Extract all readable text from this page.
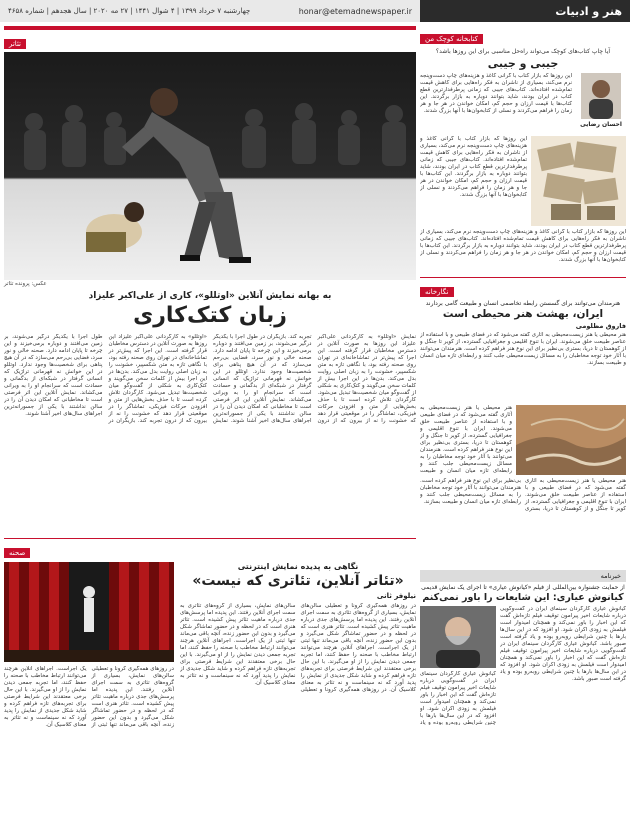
هنر و ادبیات
honar@etemadnewspaper.ir
چهارشنبه ۷ خرداد ۱۳۹۹ | ۴ شوال ۱۴۴۱ | ۲۷ مه ۲۰۲۰ | سال هجدهم | شماره ۴۶۵۸
تئاتر
عکس: پرونده تئاتر
به بهانه نمایش آنلاین «اوتللو»، کاری از علی‌اکبر علیزاد
زبان کتک‌کاری
نمایش «اوتللو» به کارگردانی علی‌اکبر علیزاد این روزها به صورت آنلاین در دسترس مخاطبان قرار گرفته است. این اجرا که پیش‌تر در تماشاخانه‌ای در تهران روی صحنه رفته بود، با نگاهی تازه به متن شکسپیر، خشونت را به زبان اصلی روایت بدل می‌کند. بدن‌ها در این اجرا بیش از کلمات سخن می‌گویند و کتک‌کاری به شکلی از گفت‌وگو میان شخصیت‌ها تبدیل می‌شود. کارگردان تلاش کرده است تا با حذف بخش‌هایی از متن و افزودن حرکات فیزیکی، تماشاگر را در موقعیتی قرار دهد که خشونت را نه از بیرون که از درون تجربه کند. بازیگران در طول اجرا با یکدیگر درگیر می‌شوند، بر زمین می‌افتند و دوباره برمی‌خیزند و این چرخه تا پایان ادامه دارد. صحنه خالی و نور سرد، فضایی بی‌رحم می‌سازد که در آن هیچ پناهی برای شخصیت‌ها وجود ندارد. اوتللو در این خوانش نه قهرمانی تراژیک که انسانی گرفتار در شبکه‌ای از بدگمانی و حسادت است که سرانجام او را به ویرانی می‌کشاند. نمایش آنلاین این اثر فرصتی است تا مخاطبانی که امکان دیدن آن را در سالن نداشتند با یکی از جسورانه‌ترین اجراهای سال‌های اخیر آشنا شوند. نمایش «اوتللو» به کارگردانی علی‌اکبر علیزاد این روزها به صورت آنلاین در دسترس مخاطبان قرار گرفته است. این اجرا که پیش‌تر در تماشاخانه‌ای در تهران روی صحنه رفته بود، با نگاهی تازه به متن شکسپیر، خشونت را به زبان اصلی روایت بدل می‌کند. بدن‌ها در این اجرا بیش از کلمات سخن می‌گویند و کتک‌کاری به شکلی از گفت‌وگو میان شخصیت‌ها تبدیل می‌شود. کارگردان تلاش کرده است تا با حذف بخش‌هایی از متن و افزودن حرکات فیزیکی، تماشاگر را در موقعیتی قرار دهد که خشونت را نه از بیرون که از درون تجربه کند. بازیگران در طول اجرا با یکدیگر درگیر می‌شوند، بر زمین می‌افتند و دوباره برمی‌خیزند و این چرخه تا پایان ادامه دارد. صحنه خالی و نور سرد، فضایی بی‌رحم می‌سازد که در آن هیچ پناهی برای شخصیت‌ها وجود ندارد. اوتللو در این خوانش نه قهرمانی تراژیک که انسانی گرفتار در شبکه‌ای از بدگمانی و حسادت است که سرانجام او را به ویرانی می‌کشاند. نمایش آنلاین این اثر فرصتی است تا مخاطبانی که امکان دیدن آن را در سالن نداشتند با یکی از جسورانه‌ترین اجراهای سال‌های اخیر آشنا شوند.
صحنه
نگاهی به پدیده نمایش اینترنتی
«تئاتر آنلاین، تئاتری که نیست»
نیلوفر ثانی
در روزهای همه‌گیری کرونا و تعطیلی سالن‌های نمایش، بسیاری از گروه‌های تئاتری به سمت اجرای آنلاین رفتند. این پدیده اما پرسش‌های جدی درباره ماهیت تئاتر پیش کشیده است. تئاتر هنری است که در لحظه و در حضور تماشاگر شکل می‌گیرد و بدون این حضور زنده، آنچه باقی می‌ماند تنها ثبتی از یک اجراست. اجراهای آنلاین هرچند می‌توانند ارتباط مخاطب با صحنه را حفظ کنند، اما تجربه جمعی دیدن نمایش را از او می‌گیرند. با این حال برخی معتقدند این شرایط فرصتی برای تجربه‌های تازه فراهم کرده و شاید شکل جدیدی از نمایش را پدید آورد که نه سینماست و نه تئاتر به معنای کلاسیک آن. در روزهای همه‌گیری کرونا و تعطیلی سالن‌های نمایش، بسیاری از گروه‌های تئاتری به سمت اجرای آنلاین رفتند. این پدیده اما پرسش‌های جدی درباره ماهیت تئاتر پیش کشیده است. تئاتر هنری است که در لحظه و در حضور تماشاگر شکل می‌گیرد و بدون این حضور زنده، آنچه باقی می‌ماند تنها ثبتی از یک اجراست. اجراهای آنلاین هرچند می‌توانند ارتباط مخاطب با صحنه را حفظ کنند، اما تجربه جمعی دیدن نمایش را از او می‌گیرند. با این حال برخی معتقدند این شرایط فرصتی برای تجربه‌های تازه فراهم کرده و شاید شکل جدیدی از نمایش را پدید آورد که نه سینماست و نه تئاتر به معنای کلاسیک آن.
در روزهای همه‌گیری کرونا و تعطیلی سالن‌های نمایش، بسیاری از گروه‌های تئاتری به سمت اجرای آنلاین رفتند. این پدیده اما پرسش‌های جدی درباره ماهیت تئاتر پیش کشیده است. تئاتر هنری است که در لحظه و در حضور تماشاگر شکل می‌گیرد و بدون این حضور زنده، آنچه باقی می‌ماند تنها ثبتی از یک اجراست. اجراهای آنلاین هرچند می‌توانند ارتباط مخاطب با صحنه را حفظ کنند، اما تجربه جمعی دیدن نمایش را از او می‌گیرند. با این حال برخی معتقدند این شرایط فرصتی برای تجربه‌های تازه فراهم کرده و شاید شکل جدیدی از نمایش را پدید آورد که نه سینماست و نه تئاتر به معنای کلاسیک آن.
کتابخانه کوچک من
آیا چاپ کتاب‌های کوچک می‌تواند راه‌حل مناسبی برای این روزها باشد؟
جیبی و جیبی
احسان رضایی
این روزها که بازار کتاب با گرانی کاغذ و هزینه‌های چاپ دست‌وپنجه نرم می‌کند، بسیاری از ناشران به فکر راه‌هایی برای کاهش قیمت تمام‌شده افتاده‌اند. کتاب‌های جیبی که زمانی پرطرفدارترین قطع کتاب در ایران بودند، شاید بتوانند دوباره به بازار برگردند. این کتاب‌ها با قیمت ارزان و حجم کم، امکان خواندن در هر جا و هر زمان را فراهم می‌کردند و نسلی از کتابخوان‌ها با آنها بزرگ شدند.
این روزها که بازار کتاب با گرانی کاغذ و هزینه‌های چاپ دست‌وپنجه نرم می‌کند، بسیاری از ناشران به فکر راه‌هایی برای کاهش قیمت تمام‌شده افتاده‌اند. کتاب‌های جیبی که زمانی پرطرفدارترین قطع کتاب در ایران بودند، شاید بتوانند دوباره به بازار برگردند. این کتاب‌ها با قیمت ارزان و حجم کم، امکان خواندن در هر جا و هر زمان را فراهم می‌کردند و نسلی از کتابخوان‌ها با آنها بزرگ شدند.
این روزها که بازار کتاب با گرانی کاغذ و هزینه‌های چاپ دست‌وپنجه نرم می‌کند، بسیاری از ناشران به فکر راه‌هایی برای کاهش قیمت تمام‌شده افتاده‌اند. کتاب‌های جیبی که زمانی پرطرفدارترین قطع کتاب در ایران بودند، شاید بتوانند دوباره به بازار برگردند. این کتاب‌ها با قیمت ارزان و حجم کم، امکان خواندن در هر جا و هر زمان را فراهم می‌کردند و نسلی از کتابخوان‌ها با آنها بزرگ شدند.
نگارخانه
هنرمندان می‌توانند برای گسستن رابطه تخاصمی انسان و طبیعت گامی بردارند
ایران، بهشت هنر محیطی است
فاروق مظلومی
هنر محیطی یا هنر زیست‌محیطی به آثاری گفته می‌شود که در فضای طبیعی و با استفاده از عناصر طبیعت خلق می‌شوند. ایران با تنوع اقلیمی و جغرافیایی گسترده، از کویر تا جنگل و از کوهستان تا دریا، بستری بی‌نظیر برای این نوع هنر فراهم کرده است. هنرمندان می‌توانند با آثار خود توجه مخاطبان را به مسائل زیست‌محیطی جلب کنند و رابطه‌ای تازه میان انسان و طبیعت بسازند.
هنر محیطی یا هنر زیست‌محیطی به آثاری گفته می‌شود که در فضای طبیعی و با استفاده از عناصر طبیعت خلق می‌شوند. ایران با تنوع اقلیمی و جغرافیایی گسترده، از کویر تا جنگل و از کوهستان تا دریا، بستری بی‌نظیر برای این نوع هنر فراهم کرده است. هنرمندان می‌توانند با آثار خود توجه مخاطبان را به مسائل زیست‌محیطی جلب کنند و رابطه‌ای تازه میان انسان و طبیعت
هنر محیطی یا هنر زیست‌محیطی به آثاری گفته می‌شود که در فضای طبیعی و با استفاده از عناصر طبیعت خلق می‌شوند. ایران با تنوع اقلیمی و جغرافیایی گسترده، از کویر تا جنگل و از کوهستان تا دریا، بستری بی‌نظیر برای این نوع هنر فراهم کرده است. هنرمندان می‌توانند با آثار خود توجه مخاطبان را به مسائل زیست‌محیطی جلب کنند و رابطه‌ای تازه میان انسان و طبیعت بسازند.
خبرنامه
از حمایت جشنواره بین‌المللی از فیلم «کیانوش عیاری» تا اجرای یک نمایش قدیمی
کیانوش عیاری: این شایعات را باور نمی‌کنم
کیانوش عیاری کارگردان سینمای ایران در گفت‌وگویی درباره شایعات اخیر پیرامون توقیف فیلم تازه‌اش گفت که این اخبار را باور نمی‌کند و همچنان امیدوار است فیلمش به زودی اکران شود. او افزود که در این سال‌ها بارها با چنین شرایطی روبه‌رو بوده و یاد گرفته است صبور باشد. کیانوش عیاری کارگردان سینمای ایران در گفت‌وگویی درباره شایعات اخیر پیرامون توقیف فیلم تازه‌اش گفت که این اخبار را باور نمی‌کند و همچنان امیدوار است فیلمش به زودی اکران شود. او افزود که در این سال‌ها بارها با چنین شرایطی روبه‌رو بوده و یاد گرفته است صبور باشد.
کیانوش عیاری کارگردان سینمای ایران در گفت‌وگویی درباره شایعات اخیر پیرامون توقیف فیلم تازه‌اش گفت که این اخبار را باور نمی‌کند و همچنان امیدوار است فیلمش به زودی اکران شود. او افزود که در این سال‌ها بارها با چنین شرایطی روبه‌رو بوده و یاد
